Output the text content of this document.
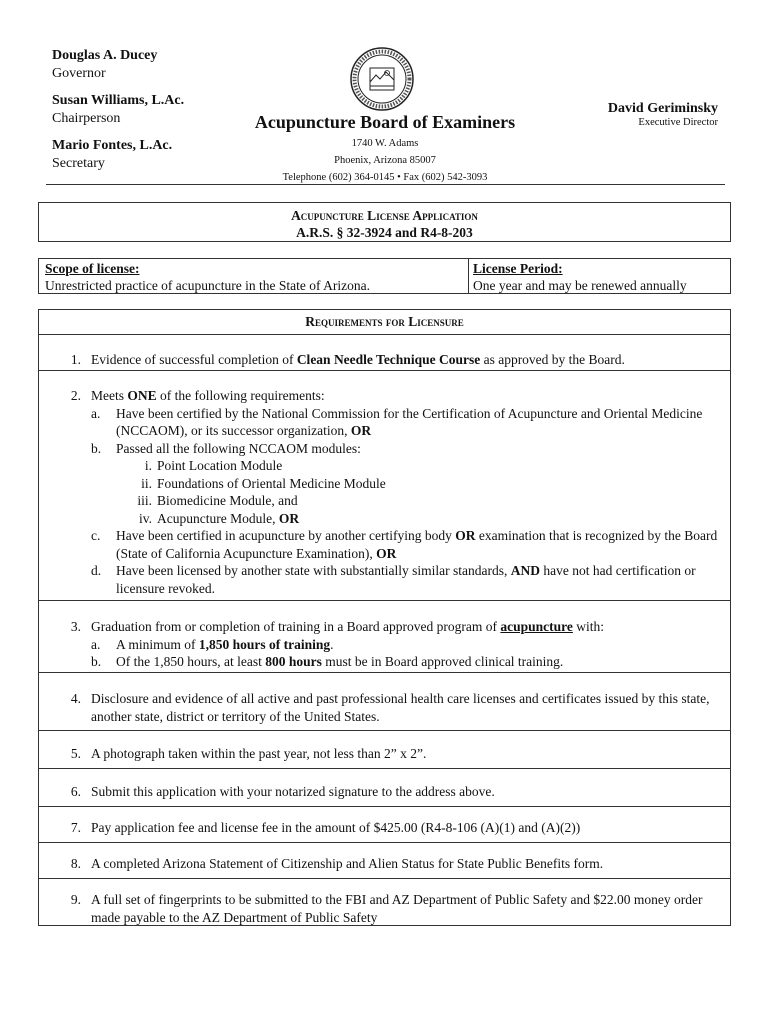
Douglas A. Ducey
Governor
Susan Williams, L.Ac.
Chairperson
Mario Fontes, L.Ac.
Secretary
Acupuncture Board of Examiners
1740 W. Adams
Phoenix, Arizona 85007
Telephone (602) 364-0145 • Fax (602) 542-3093
David Geriminsky
Executive Director
Acupuncture License Application
A.R.S. § 32-3924 and R4-8-203
Scope of license:
Unrestricted practice of acupuncture in the State of Arizona.
License Period:
One year and may be renewed annually
Requirements for Licensure
1. Evidence of successful completion of Clean Needle Technique Course as approved by the Board.
2. Meets ONE of the following requirements:
a.	Have been certified by the National Commission for the Certification of Acupuncture and Oriental Medicine (NCCAOM), or its successor organization, OR
b.	Passed all the following NCCAOM modules:
i. Point Location Module
ii. Foundations of Oriental Medicine Module
iii. Biomedicine Module, and
iv. Acupuncture Module, OR
c.	Have been certified in acupuncture by another certifying body OR examination that is recognized by the Board (State of California Acupuncture Examination), OR
d.	Have been licensed by another state with substantially similar standards, AND have not had certification or licensure revoked.
3. Graduation from or completion of training in a Board approved program of acupuncture with:
a.	A minimum of 1,850 hours of training.
b.	Of the 1,850 hours, at least 800 hours must be in Board approved clinical training.
4. Disclosure and evidence of all active and past professional health care licenses and certificates issued by this state, another state, district or territory of the United States.
5. A photograph taken within the past year, not less than 2” x 2”.
6. Submit this application with your notarized signature to the address above.
7. Pay application fee and license fee in the amount of $425.00 (R4-8-106 (A)(1) and (A)(2))
8. A completed Arizona Statement of Citizenship and Alien Status for State Public Benefits form.
9. A full set of fingerprints to be submitted to the FBI and AZ Department of Public Safety and $22.00 money order made payable to the AZ Department of Public Safety
